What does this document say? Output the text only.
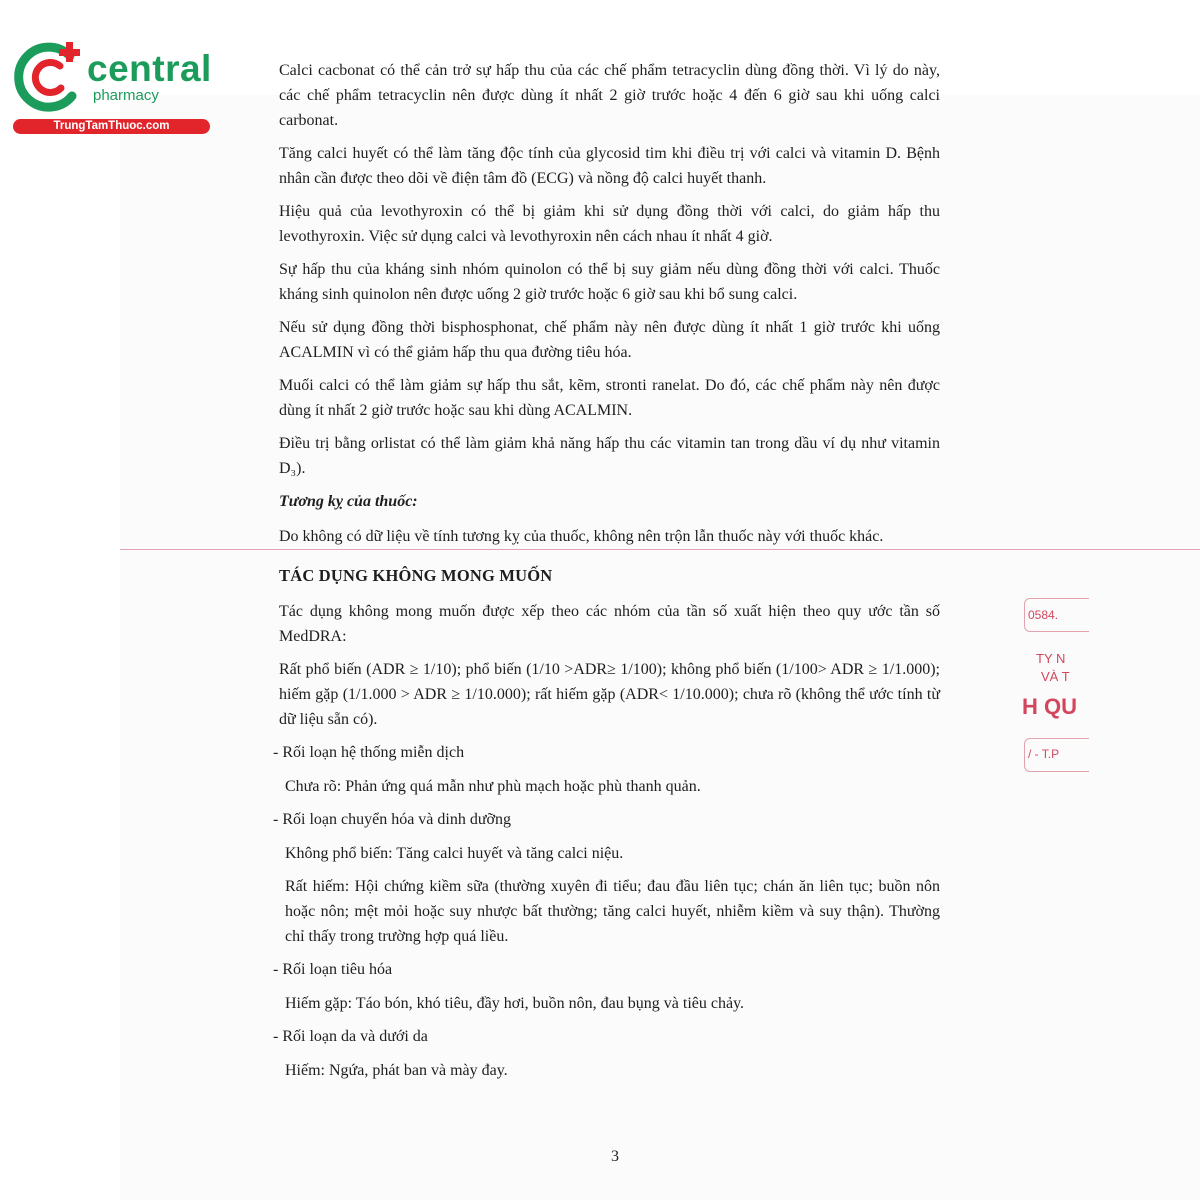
central
pharmacy
TrungTamThuoc.com

Calci cacbonat có thể cản trở sự hấp thu của các chế phẩm tetracyclin dùng đồng thời. Vì lý do này, các chế phẩm tetracyclin nên được dùng ít nhất 2 giờ trước hoặc 4 đến 6 giờ sau khi uống calci carbonat.

Tăng calci huyết có thể làm tăng độc tính của glycosid tim khi điều trị với calci và vitamin D. Bệnh nhân cần được theo dõi về điện tâm đồ (ECG) và nồng độ calci huyết thanh.

Hiệu quả của levothyroxin có thể bị giảm khi sử dụng đồng thời với calci, do giảm hấp thu levothyroxin. Việc sử dụng calci và levothyroxin nên cách nhau ít nhất 4 giờ.

Sự hấp thu của kháng sinh nhóm quinolon có thể bị suy giảm nếu dùng đồng thời với calci. Thuốc kháng sinh quinolon nên được uống 2 giờ trước hoặc 6 giờ sau khi bổ sung calci.

Nếu sử dụng đồng thời bisphosphonat, chế phẩm này nên được dùng ít nhất 1 giờ trước khi uống ACALMIN vì có thể giảm hấp thu qua đường tiêu hóa.

Muối calci có thể làm giảm sự hấp thu sắt, kẽm, stronti ranelat. Do đó, các chế phẩm này nên được dùng ít nhất 2 giờ trước hoặc sau khi dùng ACALMIN.

Điều trị bằng orlistat có thể làm giảm khả năng hấp thu các vitamin tan trong dầu ví dụ như vitamin D₃).

Tương kỵ của thuốc:

Do không có dữ liệu về tính tương kỵ của thuốc, không nên trộn lẫn thuốc này với thuốc khác.

TÁC DỤNG KHÔNG MONG MUỐN

Tác dụng không mong muốn được xếp theo các nhóm của tần số xuất hiện theo quy ước tần số MedDRA:

Rất phổ biến (ADR ≥ 1/10); phổ biến (1/10 >ADR≥ 1/100); không phổ biến (1/100> ADR ≥ 1/1.000); hiếm gặp (1/1.000 > ADR ≥ 1/10.000); rất hiếm gặp (ADR< 1/10.000); chưa rõ (không thể ước tính từ dữ liệu sẵn có).

- Rối loạn hệ thống miễn dịch

Chưa rõ: Phản ứng quá mẫn như phù mạch hoặc phù thanh quản.

- Rối loạn chuyển hóa và dinh dưỡng

Không phổ biến: Tăng calci huyết và tăng calci niệu.

Rất hiếm: Hội chứng kiềm sữa (thường xuyên đi tiểu; đau đầu liên tục; chán ăn liên tục; buồn nôn hoặc nôn; mệt mỏi hoặc suy nhược bất thường; tăng calci huyết, nhiễm kiềm và suy thận). Thường chỉ thấy trong trường hợp quá liều.

- Rối loạn tiêu hóa

Hiếm gặp: Táo bón, khó tiêu, đầy hơi, buồn nôn, đau bụng và tiêu chảy.

- Rối loạn da và dưới da

Hiếm: Ngứa, phát ban và mày đay.

3
0584.
TY N
VÀ T
H QU
/ - T.P
